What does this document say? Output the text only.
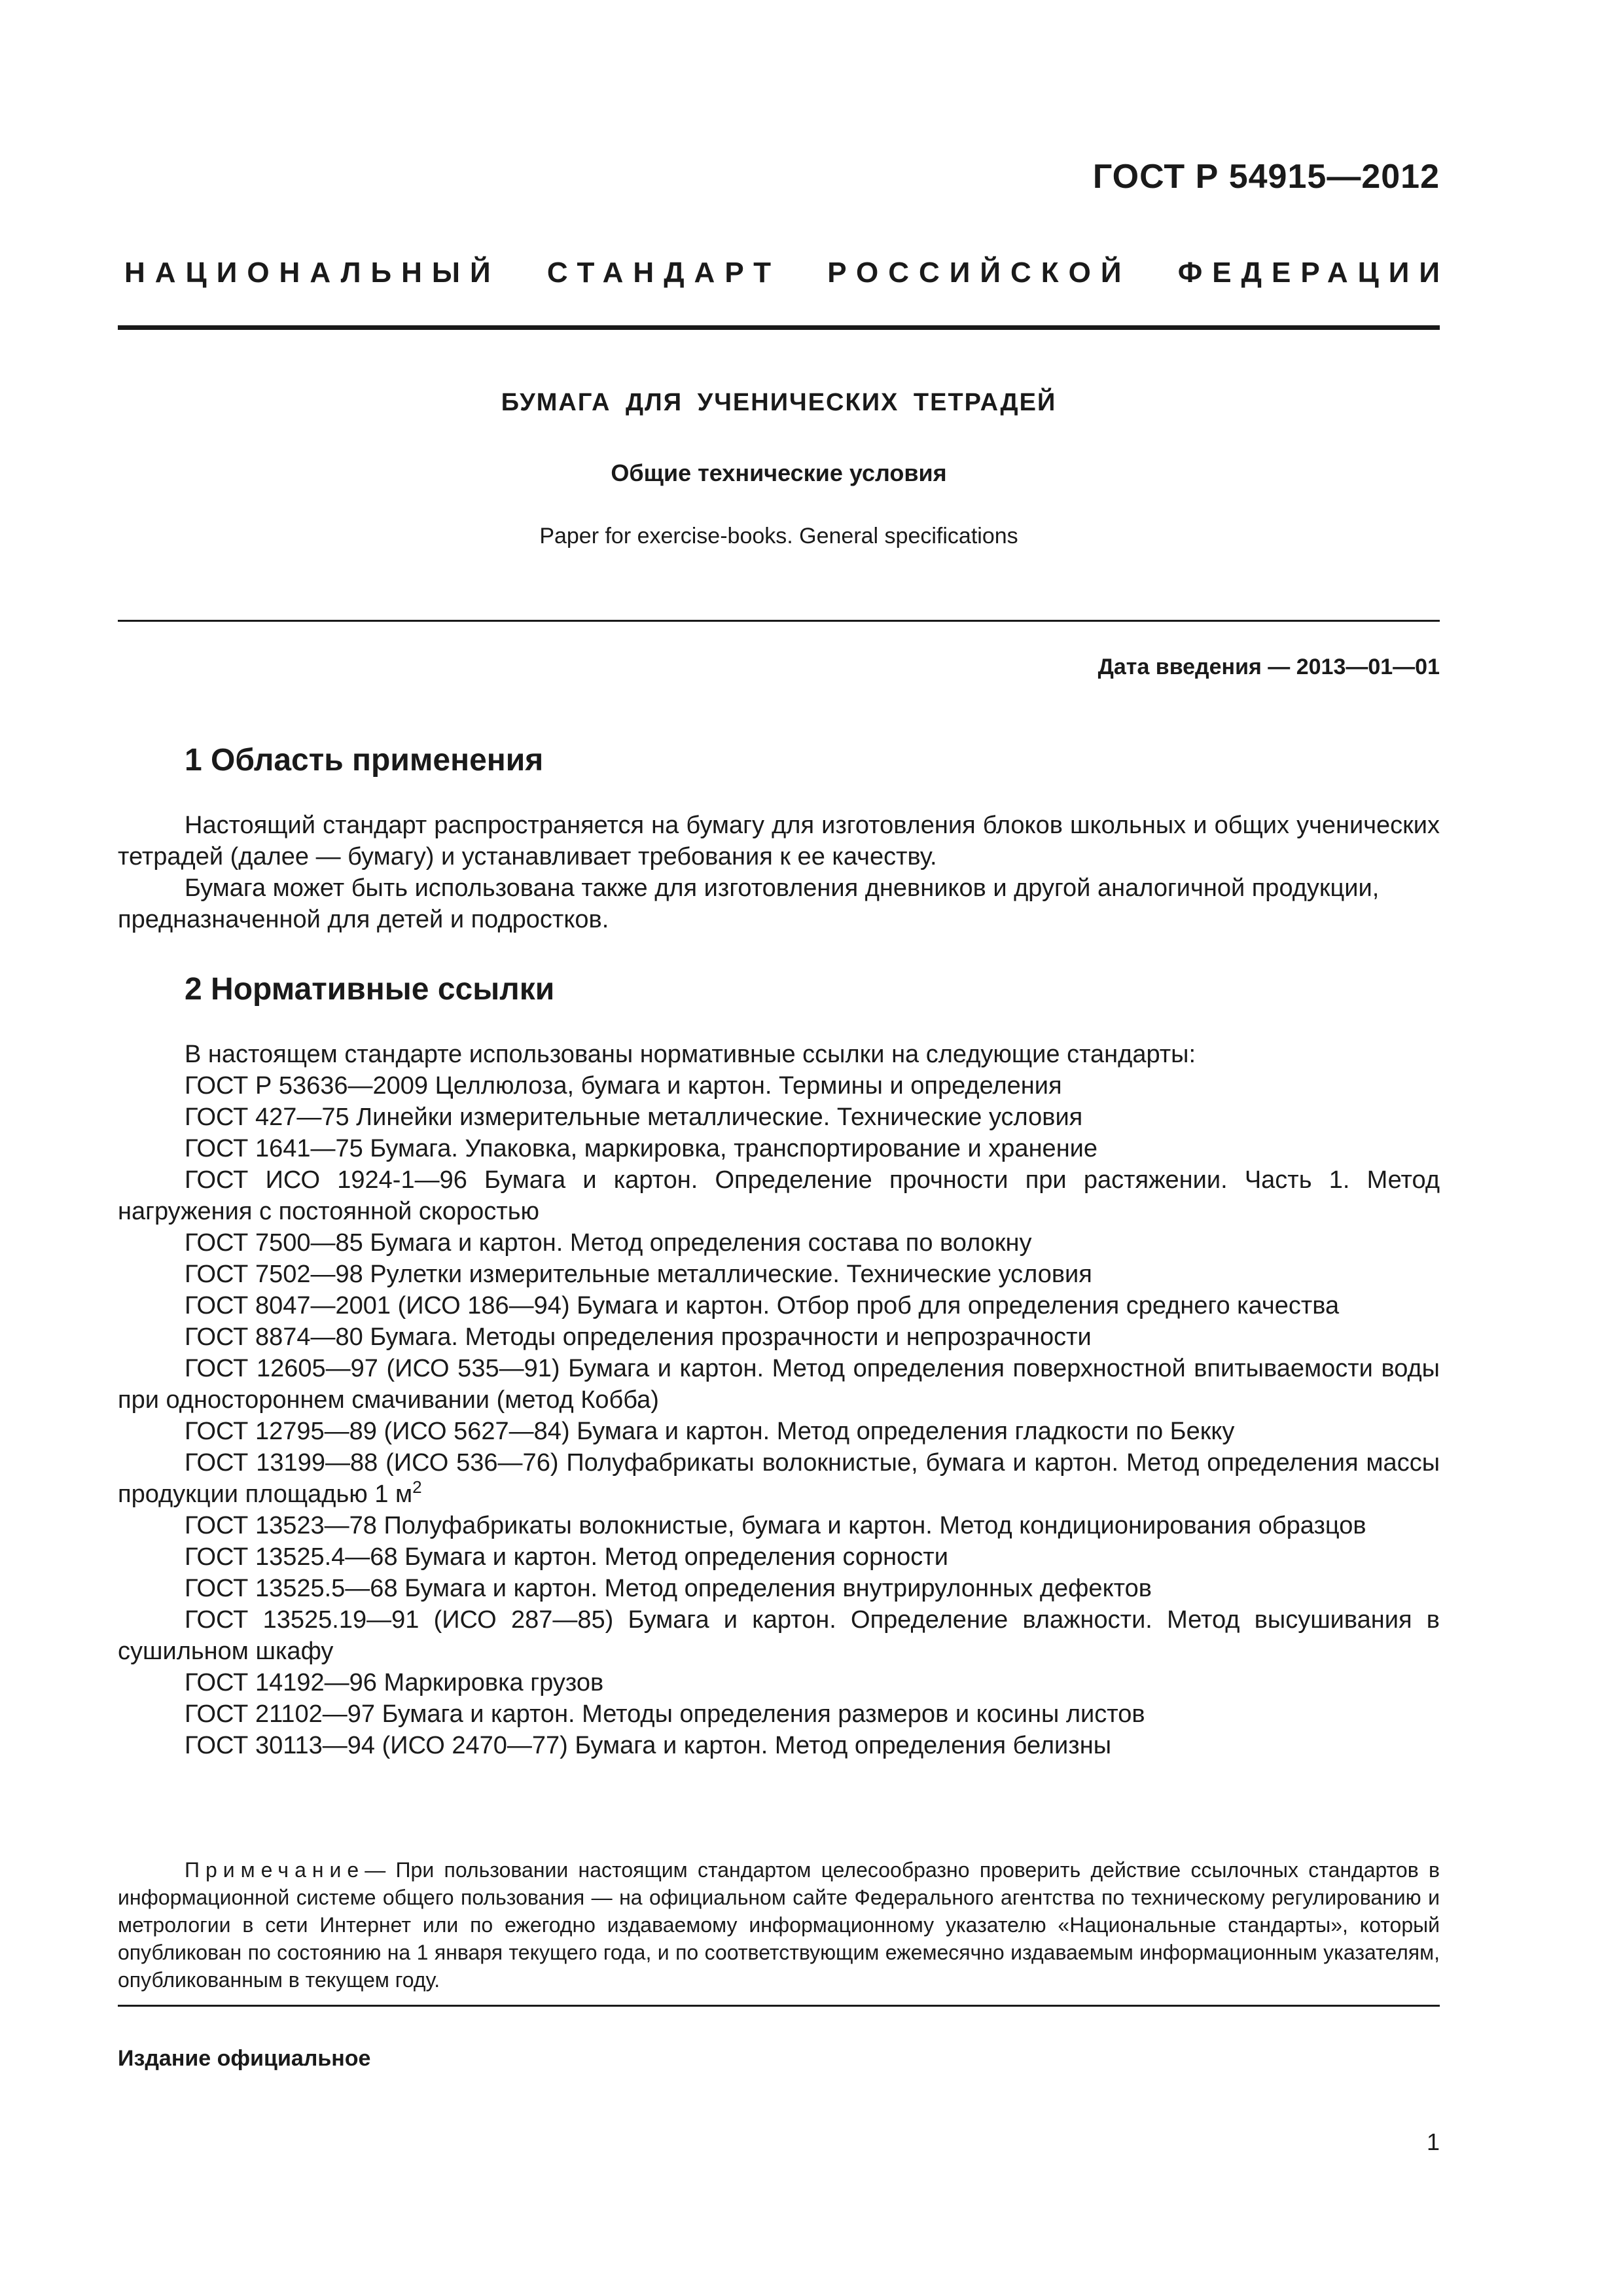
ГОСТ Р 54915—2012
НАЦИОНАЛЬНЫЙ СТАНДАРТ РОССИЙСКОЙ ФЕДЕРАЦИИ
БУМАГА ДЛЯ УЧЕНИЧЕСКИХ ТЕТРАДЕЙ
Общие технические условия
Paper for exercise-books. General specifications
Дата введения — 2013—01—01
1 Область применения

Настоящий стандарт распространяется на бумагу для изготовления блоков школьных и общих ученических тетрадей (далее — бумагу) и устанавливает требования к ее качеству.

Бумага может быть использована также для изготовления дневников и другой аналогичной продукции, предназначенной для детей и подростков.

2 Нормативные ссылки

В настоящем стандарте использованы нормативные ссылки на следующие стандарты:

ГОСТ Р 53636—2009 Целлюлоза, бумага и картон. Термины и определения

ГОСТ 427—75 Линейки измерительные металлические. Технические условия

ГОСТ 1641—75 Бумага. Упаковка, маркировка, транспортирование и хранение

ГОСТ ИСО 1924-1—96 Бумага и картон. Определение прочности при растяжении. Часть 1. Метод нагружения с постоянной скоростью

ГОСТ 7500—85 Бумага и картон. Метод определения состава по волокну

ГОСТ 7502—98 Рулетки измерительные металлические. Технические условия

ГОСТ 8047—2001 (ИСО 186—94) Бумага и картон. Отбор проб для определения среднего качества

ГОСТ 8874—80 Бумага. Методы определения прозрачности и непрозрачности

ГОСТ 12605—97 (ИСО 535—91) Бумага и картон. Метод определения поверхностной впитываемости воды при одностороннем смачивании (метод Кобба)

ГОСТ 12795—89 (ИСО 5627—84) Бумага и картон. Метод определения гладкости по Бекку

ГОСТ 13199—88 (ИСО 536—76) Полуфабрикаты волокнистые, бумага и картон. Метод определения массы продукции площадью 1 $м^2$

ГОСТ 13523—78 Полуфабрикаты волокнистые, бумага и картон. Метод кондиционирования образцов

ГОСТ 13525.4—68 Бумага и картон. Метод определения сорности

ГОСТ 13525.5—68 Бумага и картон. Метод определения внутрирулонных дефектов

ГОСТ 13525.19—91 (ИСО 287—85) Бумага и картон. Определение влажности. Метод высушивания в сушильном шкафу

ГОСТ 14192—96 Маркировка грузов

ГОСТ 21102—97 Бумага и картон. Методы определения размеров и косины листов

ГОСТ 30113—94 (ИСО 2470—77) Бумага и картон. Метод определения белизны

Примечание— При пользовании настоящим стандартом целесообразно проверить действие ссылочных стандартов в информационной системе общего пользования — на официальном сайте Федерального агентства по техническому регулированию и метрологии в сети Интернет или по ежегодно издаваемому информационному указателю «Национальные стандарты», который опубликован по состоянию на 1 января текущего года, и по соответствующим ежемесячно издаваемым информационным указателям, опубликованным в текущем году.
Издание официальное
1
